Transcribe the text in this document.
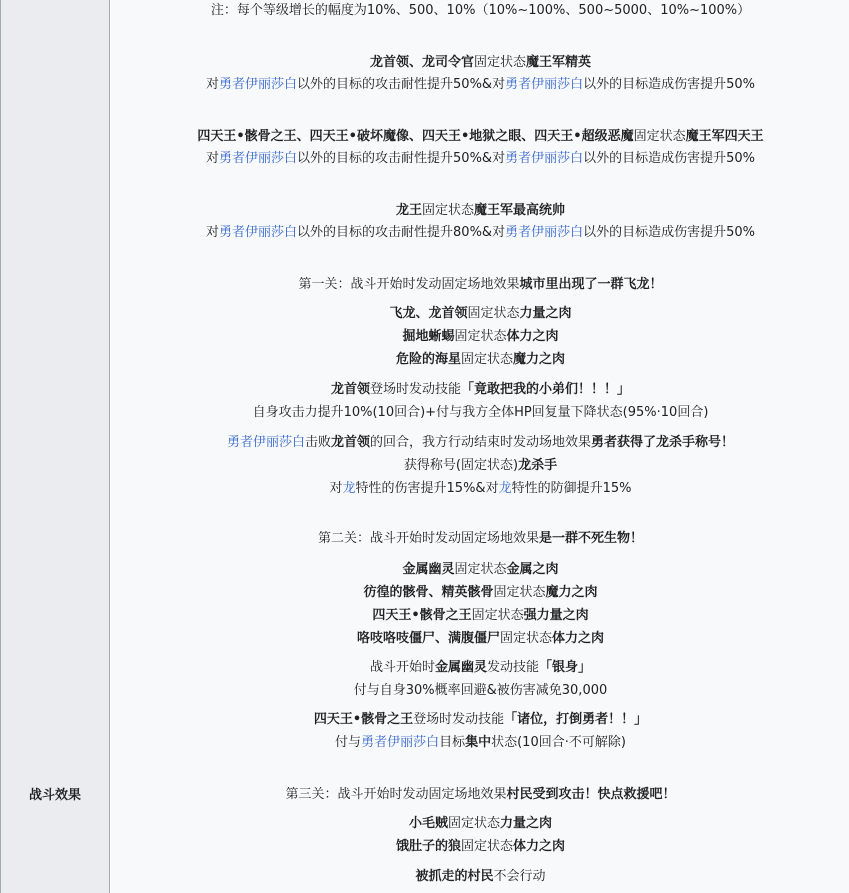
战斗效果
注：每个等级增长的幅度为10%、500、10%（10%~100%、500~5000、10%~100%）
龙首领、龙司令官固定状态魔王军精英
对勇者伊丽莎白以外的目标的攻击耐性提升50%&对勇者伊丽莎白以外的目标造成伤害提升50%
四天王•骸骨之王、四天王•破坏魔像、四天王•地狱之眼、四天王•超级恶魔固定状态魔王军四天王
对勇者伊丽莎白以外的目标的攻击耐性提升50%&对勇者伊丽莎白以外的目标造成伤害提升50%
龙王固定状态魔王军最高统帅
对勇者伊丽莎白以外的目标的攻击耐性提升80%&对勇者伊丽莎白以外的目标造成伤害提升50%
第一关：战斗开始时发动固定场地效果城市里出现了一群飞龙！
飞龙、龙首领固定状态力量之肉
掘地蜥蜴固定状态体力之肉
危险的海星固定状态魔力之肉
龙首领登场时发动技能「竟敢把我的小弟们！！！」
自身攻击力提升10%(10回合)+付与我方全体HP回复量下降状态(95%·10回合)
勇者伊丽莎白击败龙首领的回合，我方行动结束时发动场地效果勇者获得了龙杀手称号！
获得称号(固定状态)龙杀手
对龙特性的伤害提升15%&对龙特性的防御提升15%
第二关：战斗开始时发动固定场地效果是一群不死生物！
金属幽灵固定状态金属之肉
彷徨的骸骨、精英骸骨固定状态魔力之肉
四天王•骸骨之王固定状态强力量之肉
咯吱咯吱僵尸、满腹僵尸固定状态体力之肉
战斗开始时金属幽灵发动技能「银身」
付与自身30%概率回避&被伤害减免30,000
四天王•骸骨之王登场时发动技能「诸位，打倒勇者！！」
付与勇者伊丽莎白目标集中状态(10回合·不可解除)
第三关：战斗开始时发动固定场地效果村民受到攻击！快点救援吧！
小毛贼固定状态力量之肉
饿肚子的狼固定状态体力之肉
被抓走的村民不会行动
